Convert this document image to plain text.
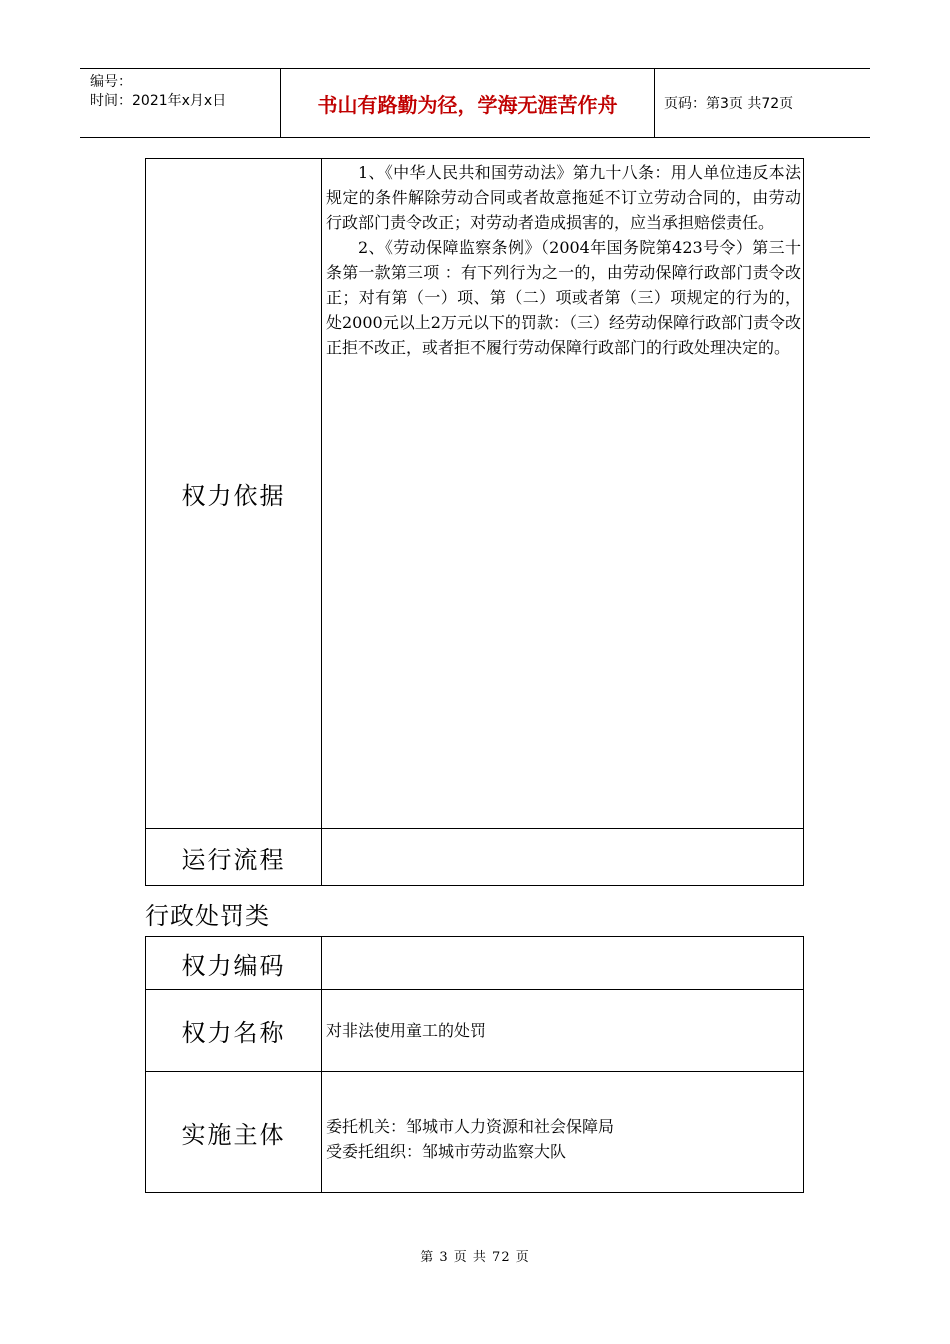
编号：
时间：2021年x月x日	书山有路勤为径，学海无涯苦作舟	页码：第3页 共72页
权力依据	1、《中华人民共和国劳动法》第九十八条：用人单位违反本法规定的条件解除劳动合同或者故意拖延不订立劳动合同的，由劳动行政部门责令改正；对劳动者造成损害的，应当承担赔偿责任。
2、《劳动保障监察条例》（2004年国务院第423号令）第三十条第一款第三项 ：有下列行为之一的，由劳动保障行政部门责令改正；对有第（一）项、第（二）项或者第（三）项规定的行为的，处2000元以上2万元以下的罚款：（三）经劳动保障行政部门责令改正拒不改正，或者拒不履行劳动保障行政部门的行政处理决定的。

运行流程	
行政处罚类
权力编码	
权力名称	对非法使用童工的处罚

实施主体	委托机关：邹城市人力资源和社会保障局
受委托组织：邹城市劳动监察大队
第 3 页 共 72 页
